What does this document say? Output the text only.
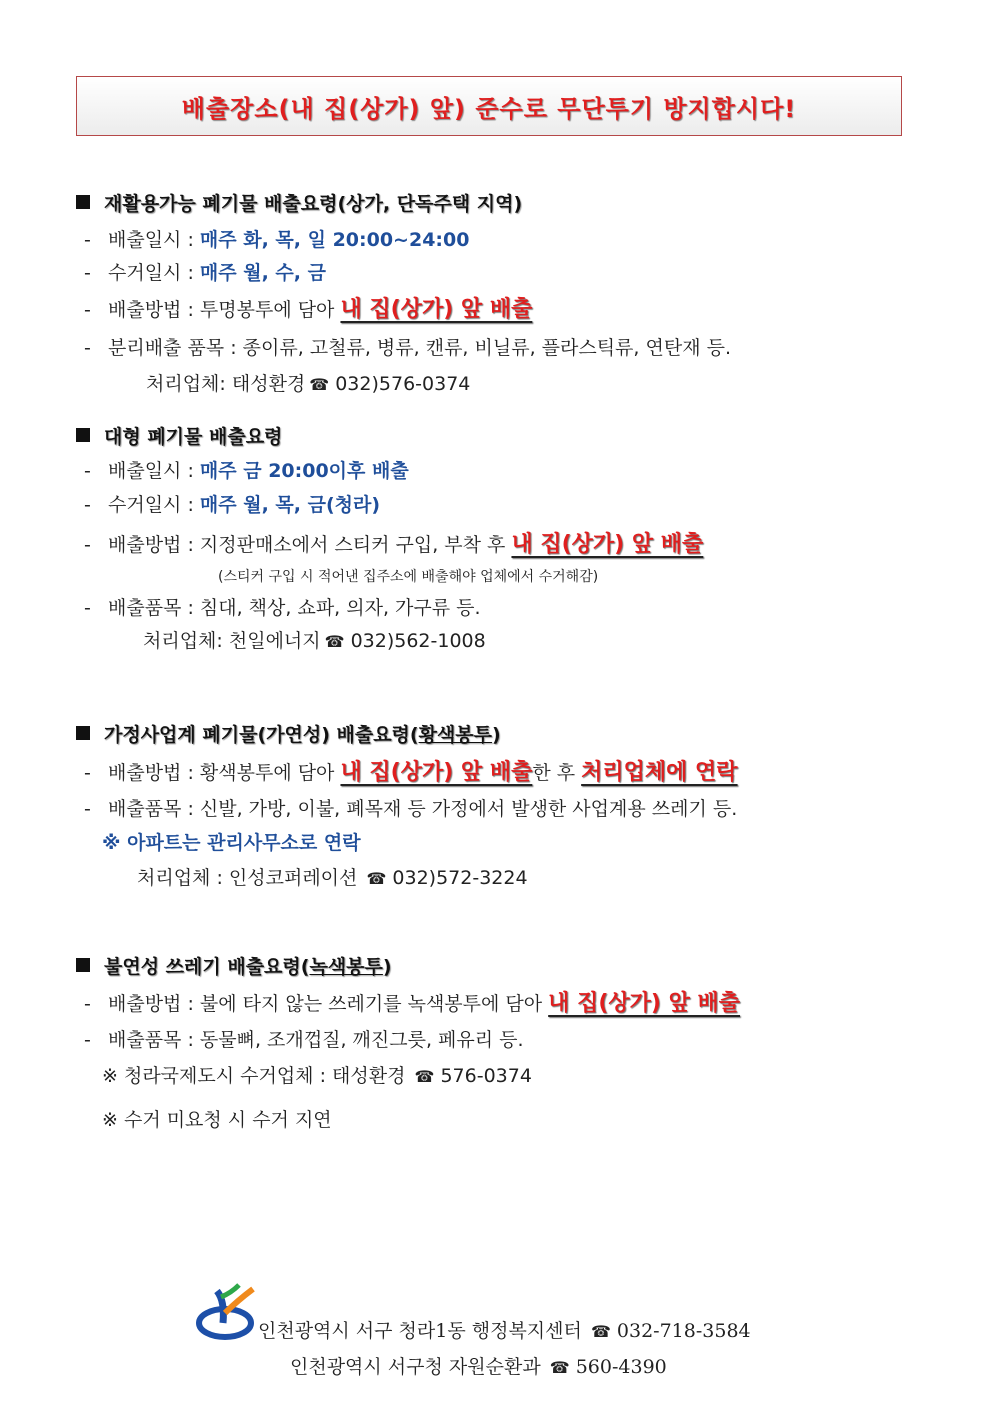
배출장소(내 집(상가) 앞) 준수로 무단투기 방지합시다!
재활용가능 폐기물 배출요령(상가, 단독주택 지역)
- 배출일시 : 매주 화, 목, 일 20:00~24:00
- 수거일시 : 매주 월, 수, 금
- 배출방법 : 투명봉투에 담아 내 집(상가) 앞 배출
- 분리배출 품목 : 종이류, 고철류, 병류, 캔류, 비닐류, 플라스틱류, 연탄재 등.
처리업체: 태성환경 ☎ 032)576-0374
대형 폐기물 배출요령
- 배출일시 : 매주 금 20:00이후 배출
- 수거일시 : 매주 월, 목, 금(청라)
- 배출방법 : 지정판매소에서 스티커 구입, 부착 후 내 집(상가) 앞 배출
(스티커 구입 시 적어낸 집주소에 배출해야 업체에서 수거해감)
- 배출품목 : 침대, 책상, 쇼파, 의자, 가구류 등.
처리업체: 천일에너지 ☎ 032)562-1008
가정사업계 폐기물(가연성) 배출요령(황색봉투)
- 배출방법 : 황색봉투에 담아 내 집(상가) 앞 배출한 후 처리업체에 연락
- 배출품목 : 신발, 가방, 이불, 폐목재 등 가정에서 발생한 사업계용 쓰레기 등.
※ 아파트는 관리사무소로 연락
처리업체 : 인성코퍼레이션 ☎ 032)572-3224
불연성 쓰레기 배출요령(녹색봉투)
- 배출방법 : 불에 타지 않는 쓰레기를 녹색봉투에 담아 내 집(상가) 앞 배출
- 배출품목 : 동물뼈, 조개껍질, 깨진그릇, 페유리 등.
※ 청라국제도시 수거업체 : 태성환경 ☎ 576-0374
※ 수거 미요청 시 수거 지연
인천광역시 서구 청라1동 행정복지센터 ☎ 032-718-3584
인천광역시 서구청 자원순환과 ☎ 560-4390
